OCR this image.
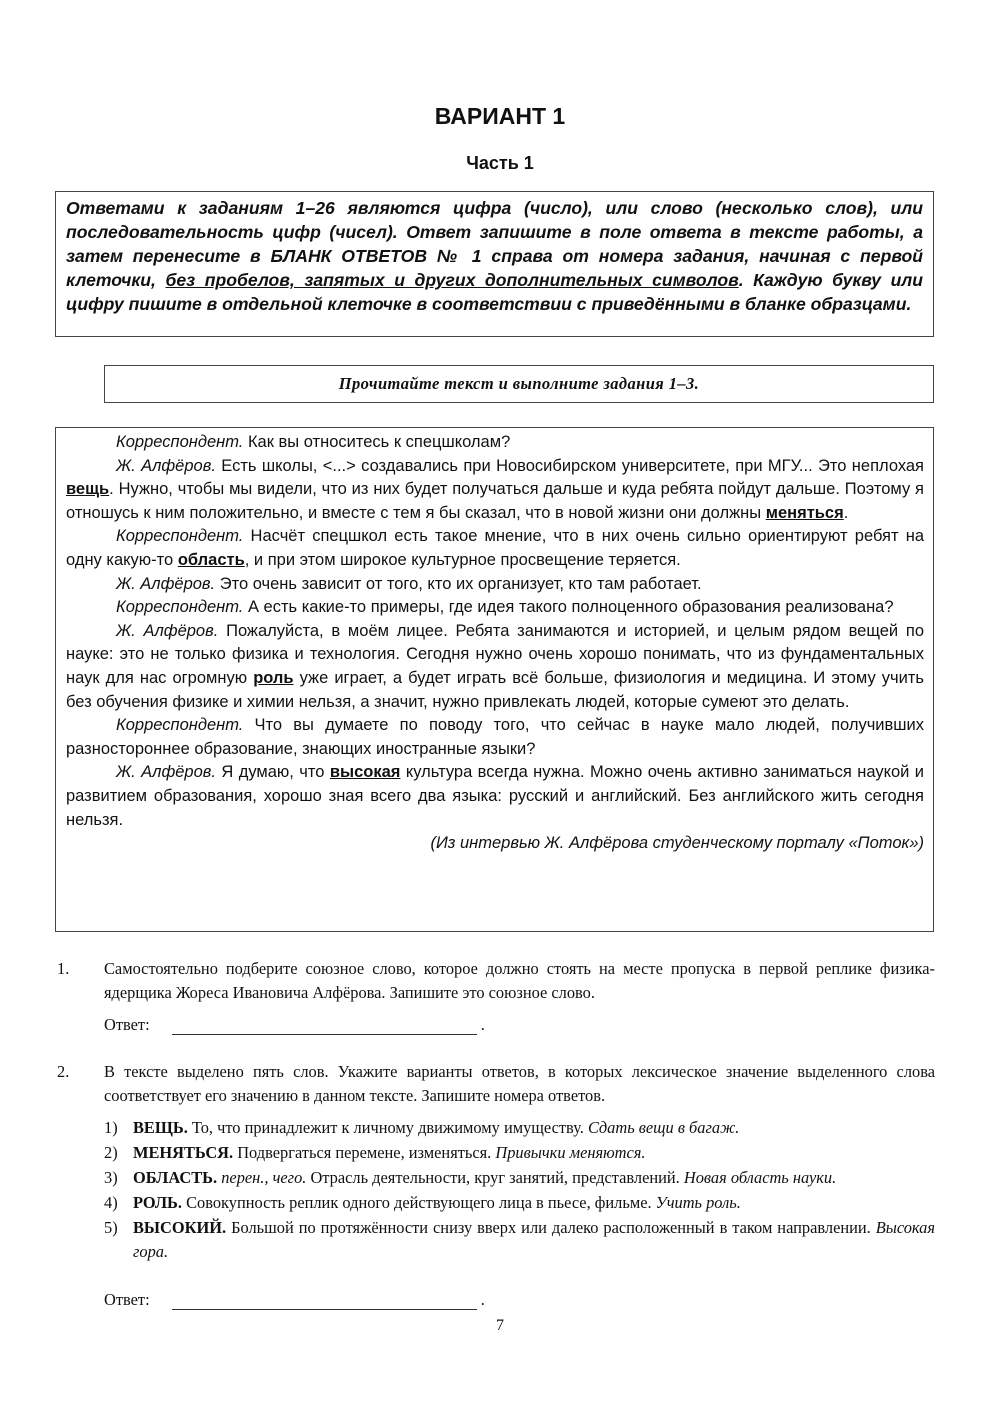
ВАРИАНТ 1
Часть 1
Ответами к заданиям 1–26 являются цифра (число), или слово (несколько слов), или последовательность цифр (чисел). Ответ запишите в поле ответа в тексте работы, а затем перенесите в БЛАНК ОТВЕТОВ № 1 справа от номера задания, начиная с первой клеточки, без пробелов, запятых и других дополнительных символов. Каждую букву или цифру пишите в отдельной клеточке в соответствии с приведёнными в бланке образцами.
Прочитайте текст и выполните задания 1–3.

Корреспондент. Как вы относитесь к спецшколам?

Ж. Алфёров. Есть школы, <...> создавались при Новосибирском университете, при МГУ... Это неплохая вещь. Нужно, чтобы мы видели, что из них будет получаться дальше и куда ребята пойдут дальше. Поэтому я отношусь к ним положительно, и вместе с тем я бы сказал, что в новой жизни они должны меняться.

Корреспондент. Насчёт спецшкол есть такое мнение, что в них очень сильно ориентируют ребят на одну какую-то область, и при этом широкое культурное просвещение теряется.

Ж. Алфёров. Это очень зависит от того, кто их организует, кто там работает.

Корреспондент. А есть какие-то примеры, где идея такого полноценного образования реализована?

Ж. Алфёров. Пожалуйста, в моём лицее. Ребята занимаются и историей, и целым рядом вещей по науке: это не только физика и технология. Сегодня нужно очень хорошо понимать, что из фундаментальных наук для нас огромную роль уже играет, а будет играть всё больше, физиология и медицина. И этому учить без обучения физике и химии нельзя, а значит, нужно привлекать людей, которые сумеют это делать.

Корреспондент. Что вы думаете по поводу того, что сейчас в науке мало людей, получивших разностороннее образование, знающих иностранные языки?

Ж. Алфёров. Я думаю, что высокая культура всегда нужна. Можно очень активно заниматься наукой и развитием образования, хорошо зная всего два языка: русский и английский. Без английского жить сегодня нельзя.

(Из интервью Ж. Алфёрова студенческому порталу «Поток»)

1. Самостоятельно подберите союзное слово, которое должно стоять на месте пропуска в первой реплике физика-ядерщика Жореса Ивановича Алфёрова. Запишите это союзное слово.
Ответ:	.
2. В тексте выделено пять слов. Укажите варианты ответов, в которых лексическое значение выделенного слова соответствует его значению в данном тексте. Запишите номера ответов.
1) ВЕЩЬ. То, что принадлежит к личному движимому имуществу. Сдать вещи в багаж.
2) МЕНЯТЬСЯ. Подвергаться перемене, изменяться. Привычки меняются.
3) ОБЛАСТЬ. перен., чего. Отрасль деятельности, круг занятий, представлений. Новая область науки.
4) РОЛЬ. Совокупность реплик одного действующего лица в пьесе, фильме. Учить роль.
5) ВЫСОКИЙ. Большой по протяжённости снизу вверх или далеко расположенный в таком направлении. Высокая гора.
Ответ:	.
7
